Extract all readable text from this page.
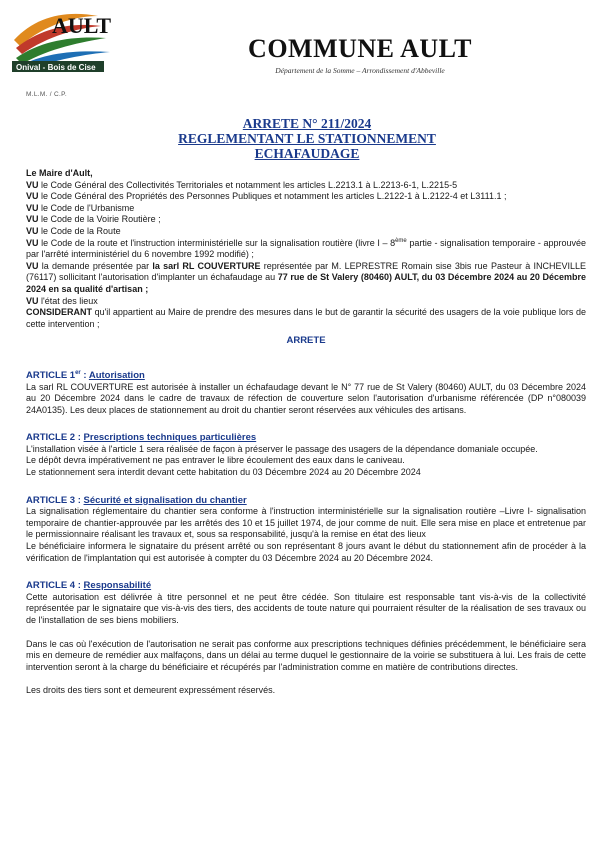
AULT
Onival - Bois de Cise
M.L.M. / C.P.
COMMUNE AULT
Département de la Somme – Arrondissement d'Abbeville
ARRETE N° 211/2024
REGLEMENTANT LE STATIONNEMENT
ECHAFAUDAGE

Le Maire d'Ault,

VU le Code Général des Collectivités Territoriales et notamment les articles L.2213.1 à L.2213-6-1, L.2215-5

VU le Code Général des Propriétés des Personnes Publiques et notamment les articles L.2122-1 à L.2122-4 et L3111.1 ;

VU le Code de l'Urbanisme

VU le Code de la Voirie Routière ;

VU le Code de la Route

VU le Code de la route et l'instruction interministérielle sur la signalisation routière (livre I – 8ème partie - signalisation temporaire - approuvée par l'arrêté interministériel du 6 novembre 1992 modifié) ;

VU la demande présentée par la sarl RL COUVERTURE représentée par M. LEPRESTRE Romain sise 3bis rue Pasteur à INCHEVILLE (76117) sollicitant l'autorisation d'implanter un échafaudage au 77 rue de St Valery (80460) AULT, du 03 Décembre 2024 au 20 Décembre 2024 en sa qualité d'artisan ;

VU l'état des lieux

CONSIDERANT qu'il appartient au Maire de prendre des mesures dans le but de garantir la sécurité des usagers de la voie publique lors de cette intervention ;

ARRETE

ARTICLE 1er : Autorisation

La sarl RL COUVERTURE est autorisée à installer un échafaudage devant le N° 77 rue de St Valery (80460) AULT, du 03 Décembre 2024 au 20 Décembre 2024 dans le cadre de travaux de réfection de couverture selon l'autorisation d'urbanisme référencée (DP n°080039 24A0135). Les deux places de stationnement au droit du chantier seront réservées aux véhicules des artisans.

ARTICLE 2 : Prescriptions techniques particulières

L'installation visée à l'article 1 sera réalisée de façon à préserver le passage des usagers de la dépendance domaniale occupée.

Le dépôt devra impérativement ne pas entraver le libre écoulement des eaux dans le caniveau.

Le stationnement sera interdit devant cette habitation du 03 Décembre 2024 au 20 Décembre 2024

ARTICLE 3 : Sécurité et signalisation du chantier

La signalisation réglementaire du chantier sera conforme à l'instruction interministérielle sur la signalisation routière –Livre I- signalisation temporaire de chantier-approuvée par les arrêtés des 10 et 15 juillet 1974, de jour comme de nuit. Elle sera mise en place et entretenue par le permissionnaire réalisant les travaux et, sous sa responsabilité, jusqu'à la remise en état des lieux

Le bénéficiaire informera le signataire du présent arrêté ou son représentant 8 jours avant le début du stationnement afin de procéder à la vérification de l'implantation qui est autorisée à compter du 03 Décembre 2024 au 20 Décembre 2024.

ARTICLE 4 : Responsabilité

Cette autorisation est délivrée à titre personnel et ne peut être cédée. Son titulaire est responsable tant vis-à-vis de la collectivité représentée par le signataire que vis-à-vis des tiers, des accidents de toute nature qui pourraient résulter de la réalisation de ses travaux ou de l'installation de ses biens mobiliers.

Dans le cas où l'exécution de l'autorisation ne serait pas conforme aux prescriptions techniques définies précédemment, le bénéficiaire sera mis en demeure de remédier aux malfaçons, dans un délai au terme duquel le gestionnaire de la voirie se substituera à lui. Les frais de cette intervention seront à la charge du bénéficiaire et récupérés par l'administration comme en matière de contributions directes.

Les droits des tiers sont et demeurent expressément réservés.
